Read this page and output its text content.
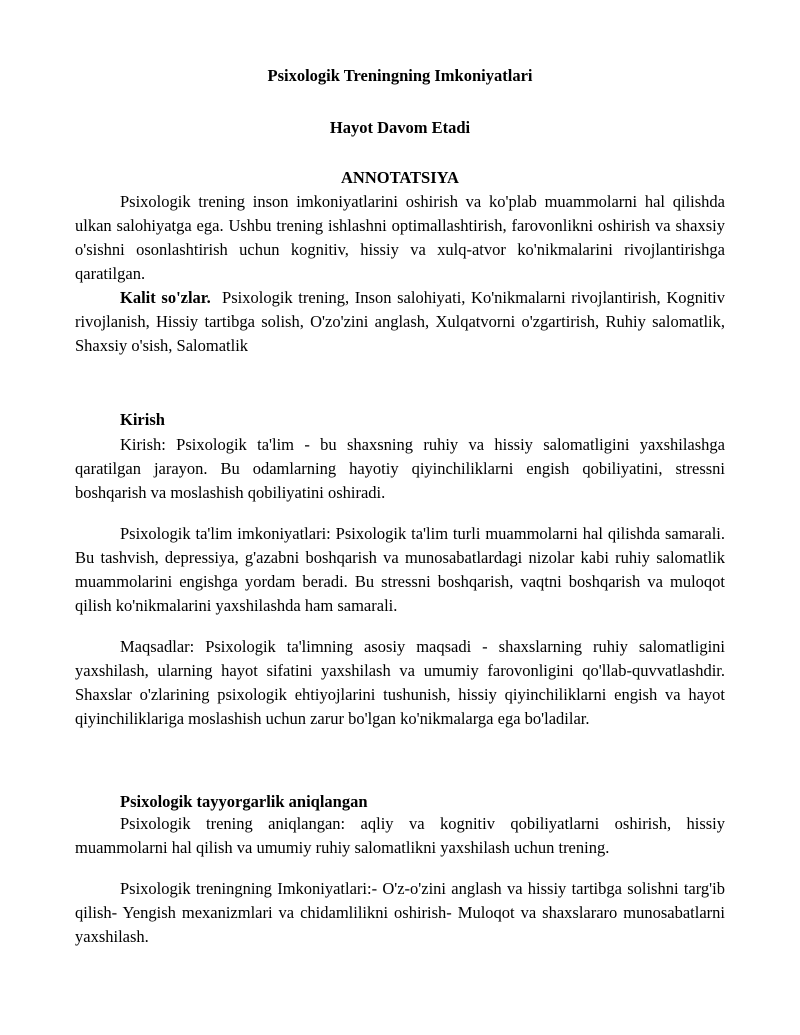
Psixologik Treningning Imkoniyatlari
Hayot Davom Etadi
ANNOTATSIYA

Psixologik trening inson imkoniyatlarini oshirish va ko'plab muammolarni hal qilishda ulkan salohiyatga ega. Ushbu trening ishlashni optimallashtirish, farovonlikni oshirish va shaxsiy o'sishni osonlashtirish uchun kognitiv, hissiy va xulq-atvor ko'nikmalarini rivojlantirishga qaratilgan.

Kalit so'zlar. Psixologik trening, Inson salohiyati, Ko'nikmalarni rivojlantirish, Kognitiv rivojlanish, Hissiy tartibga solish, O'zo'zini anglash, Xulqatvorni o'zgartirish, Ruhiy salomatlik, Shaxsiy o'sish, Salomatlik

Kirish

Kirish: Psixologik ta'lim - bu shaxsning ruhiy va hissiy salomatligini yaxshilashga qaratilgan jarayon. Bu odamlarning hayotiy qiyinchiliklarni engish qobiliyatini, stressni boshqarish va moslashish qobiliyatini oshiradi.

Psixologik ta'lim imkoniyatlari: Psixologik ta'lim turli muammolarni hal qilishda samarali. Bu tashvish, depressiya, g'azabni boshqarish va munosabatlardagi nizolar kabi ruhiy salomatlik muammolarini engishga yordam beradi. Bu stressni boshqarish, vaqtni boshqarish va muloqot qilish ko'nikmalarini yaxshilashda ham samarali.

Maqsadlar: Psixologik ta'limning asosiy maqsadi - shaxslarning ruhiy salomatligini yaxshilash, ularning hayot sifatini yaxshilash va umumiy farovonligini qo'llab-quvvatlashdir. Shaxslar o'zlarining psixologik ehtiyojlarini tushunish, hissiy qiyinchiliklarni engish va hayot qiyinchiliklariga moslashish uchun zarur bo'lgan ko'nikmalarga ega bo'ladilar.

Psixologik tayyorgarlik aniqlangan

Psixologik trening aniqlangan: aqliy va kognitiv qobiliyatlarni oshirish, hissiy muammolarni hal qilish va umumiy ruhiy salomatlikni yaxshilash uchun trening.

Psixologik treningning Imkoniyatlari:- O'z-o'zini anglash va hissiy tartibga solishni targ'ib qilish- Yengish mexanizmlari va chidamlilikni oshirish- Muloqot va shaxslararo munosabatlarni yaxshilash.
